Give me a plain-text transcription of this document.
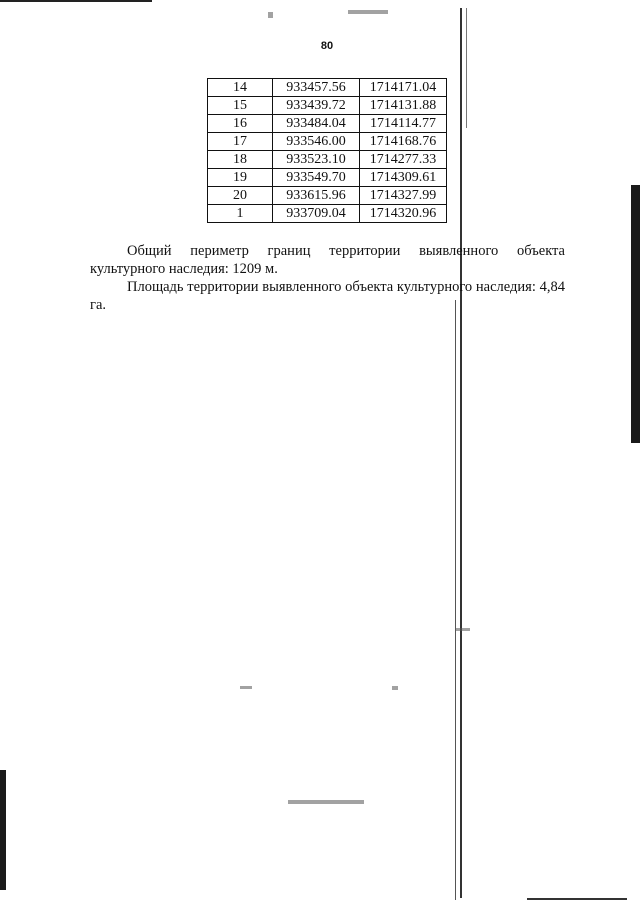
80
14	933457.56	1714171.04
15	933439.72	1714131.88
16	933484.04	1714114.77
17	933546.00	1714168.76
18	933523.10	1714277.33
19	933549.70	1714309.61
20	933615.96	1714327.99
1	933709.04	1714320.96

Общий периметр границ территории выявленного объекта культурного наследия: 1209 м.

Площадь территории выявленного объекта культурного наследия: 4,84 га.
